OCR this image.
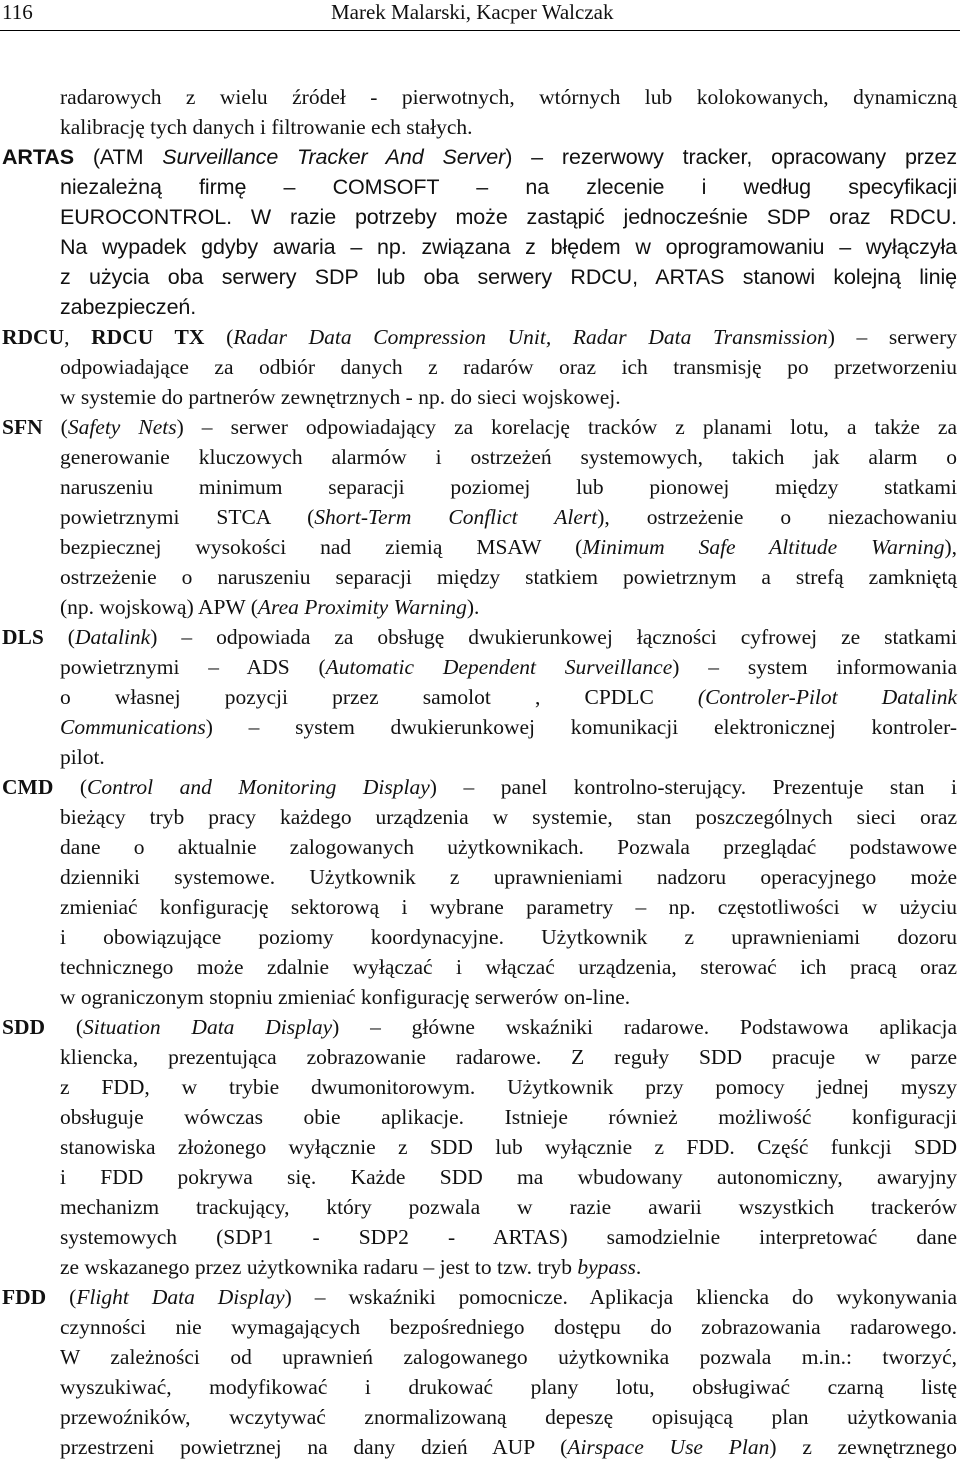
116	Marek Malarski, Kacper Walczak
radarowych z wielu źródeł - pierwotnych, wtórnych lub kolokowanych, dynamiczną
kalibrację tych danych i filtrowanie ech stałych.
ARTAS (ATM Surveillance Tracker And Server) – rezerwowy tracker, opracowany przez
niezależną firmę – COMSOFT – na zlecenie i według specyfikacji
EUROCONTROL. W razie potrzeby może zastąpić jednocześnie SDP oraz RDCU.
Na wypadek gdyby awaria – np. związana z błędem w oprogramowaniu – wyłączyła
z użycia oba serwery SDP lub oba serwery RDCU, ARTAS stanowi kolejną linię
zabezpieczeń.
RDCU, RDCU TX (Radar Data Compression Unit, Radar Data Transmission) – serwery
odpowiadające za odbiór danych z radarów oraz ich transmisję po przetworzeniu
w systemie do partnerów zewnętrznych - np. do sieci wojskowej.
SFN (Safety Nets) – serwer odpowiadający za korelację tracków z planami lotu, a także za
generowanie kluczowych alarmów i ostrzeżeń systemowych, takich jak alarm o
naruszeniu minimum separacji poziomej lub pionowej między statkami
powietrznymi STCA (Short-Term Conflict Alert), ostrzeżenie o niezachowaniu
bezpiecznej wysokości nad ziemią MSAW (Minimum Safe Altitude Warning),
ostrzeżenie o naruszeniu separacji między statkiem powietrznym a strefą zamkniętą
(np. wojskową) APW (Area Proximity Warning).
DLS (Datalink) – odpowiada za obsługę dwukierunkowej łączności cyfrowej ze statkami
powietrznymi – ADS (Automatic Dependent Surveillance) – system informowania
o własnej pozycji przez samolot , CPDLC (Controler-Pilot Datalink
Communications) – system dwukierunkowej komunikacji elektronicznej kontroler-
pilot.
CMD (Control and Monitoring Display) – panel kontrolno-sterujący. Prezentuje stan i
bieżący tryb pracy każdego urządzenia w systemie, stan poszczególnych sieci oraz
dane o aktualnie zalogowanych użytkownikach. Pozwala przeglądać podstawowe
dzienniki systemowe. Użytkownik z uprawnieniami nadzoru operacyjnego może
zmieniać konfigurację sektorową i wybrane parametry – np. częstotliwości w użyciu
i obowiązujące poziomy koordynacyjne. Użytkownik z uprawnieniami dozoru
technicznego może zdalnie wyłączać i włączać urządzenia, sterować ich pracą oraz
w ograniczonym stopniu zmieniać konfigurację serwerów on-line.
SDD (Situation Data Display) – główne wskaźniki radarowe. Podstawowa aplikacja
kliencka, prezentująca zobrazowanie radarowe. Z reguły SDD pracuje w parze
z FDD, w trybie dwumonitorowym. Użytkownik przy pomocy jednej myszy
obsługuje wówczas obie aplikacje. Istnieje również możliwość konfiguracji
stanowiska złożonego wyłącznie z SDD lub wyłącznie z FDD. Część funkcji SDD
i FDD pokrywa się. Każde SDD ma wbudowany autonomiczny, awaryjny
mechanizm trackujący, który pozwala w razie awarii wszystkich trackerów
systemowych (SDP1 - SDP2 - ARTAS) samodzielnie interpretować dane
ze wskazanego przez użytkownika radaru – jest to tzw. tryb bypass.
FDD (Flight Data Display) – wskaźniki pomocnicze. Aplikacja kliencka do wykonywania
czynności nie wymagających bezpośredniego dostępu do zobrazowania radarowego.
W zależności od uprawnień zalogowanego użytkownika pozwala m.in.: tworzyć,
wyszukiwać, modyfikować i drukować plany lotu, obsługiwać czarną listę
przewoźników, wczytywać znormalizowaną depeszę opisującą plan użytkowania
przestrzeni powietrznej na dany dzień AUP (Airspace Use Plan) z zewnętrznego
